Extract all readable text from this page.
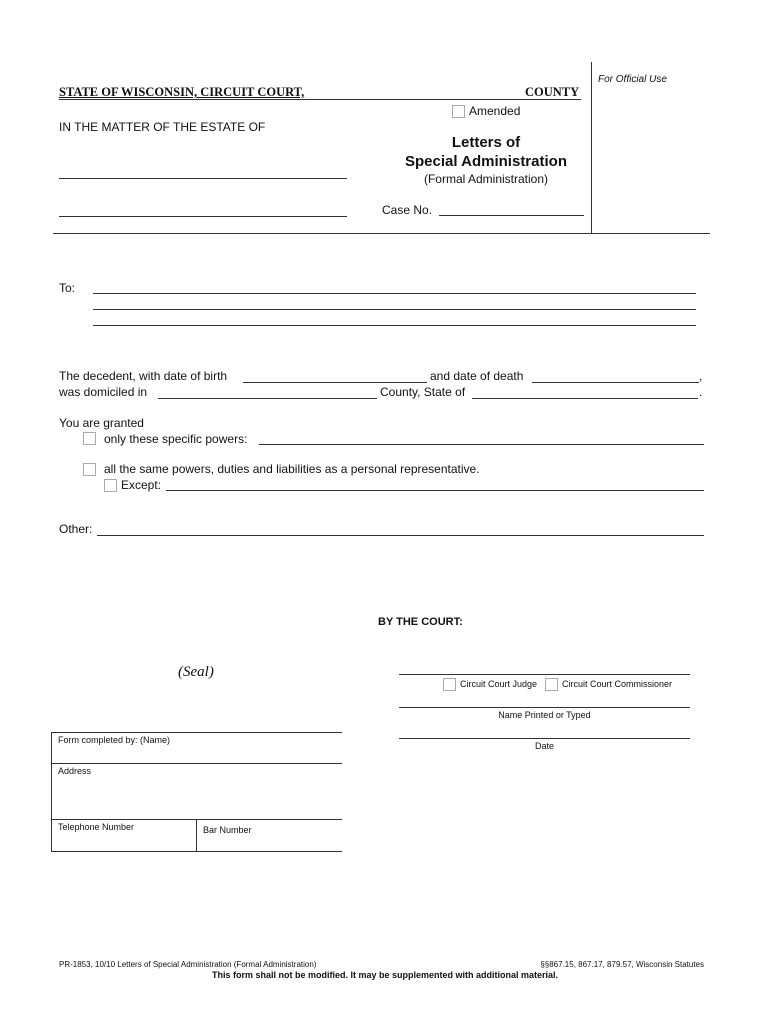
For Official Use
STATE OF WISCONSIN, CIRCUIT COURT,	COUNTY
Amended
IN THE MATTER OF THE ESTATE OF
Letters of
Special Administration
(Formal Administration)
Case No.
To:
The decedent, with date of birth	and date of death	,
was domiciled in	County, State of	.
You are granted
only these specific powers:
all the same powers, duties and liabilities as a personal representative.
Except:
Other:
BY THE COURT:
(Seal)
Circuit Court Judge	Circuit Court Commissioner
Name Printed or Typed
Date
Form completed by: (Name)
Address
Telephone Number	Bar Number
PR-1853, 10/10 Letters of Special Administration (Formal Administration)	§§867.15, 867.17, 879.57, Wisconsin Statutes
This form shall not be modified. It may be supplemented with additional material.
